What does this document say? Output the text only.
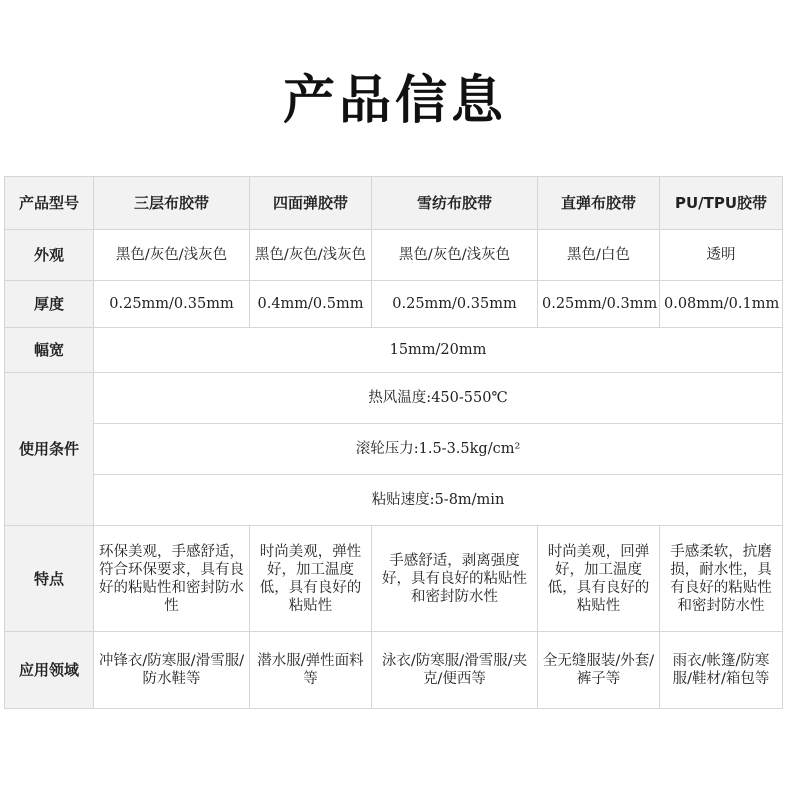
产品信息
产品型号	三层布胶带	四面弹胶带	雪纺布胶带	直弹布胶带	PU/TPU胶带
外观	黑色/灰色/浅灰色	黑色/灰色/浅灰色	黑色/灰色/浅灰色	黑色/白色	透明
厚度	0.25mm/0.35mm	0.4mm/0.5mm	0.25mm/0.35mm	0.25mm/0.3mm	0.08mm/0.1mm
幅宽	15mm/20mm				
使用条件	热风温度:450-550℃				
	滚轮压力:1.5-3.5kg/cm²				
	粘贴速度:5-8m/min				
特点	环保美观，手感舒适，符合环保要求，具有良好的粘贴性和密封防水性	时尚美观，弹性好，加工温度低，具有良好的粘贴性	手感舒适，剥离强度好，具有良好的粘贴性和密封防水性	时尚美观，回弹好，加工温度低，具有良好的粘贴性	手感柔软，抗磨损，耐水性，具有良好的粘贴性和密封防水性
应用领域	冲锋衣/防寒服/滑雪服/防水鞋等	潜水服/弹性面料等	泳衣/防寒服/滑雪服/夹克/便西等	全无缝服装/外套/裤子等	雨衣/帐篷/防寒服/鞋材/箱包等
